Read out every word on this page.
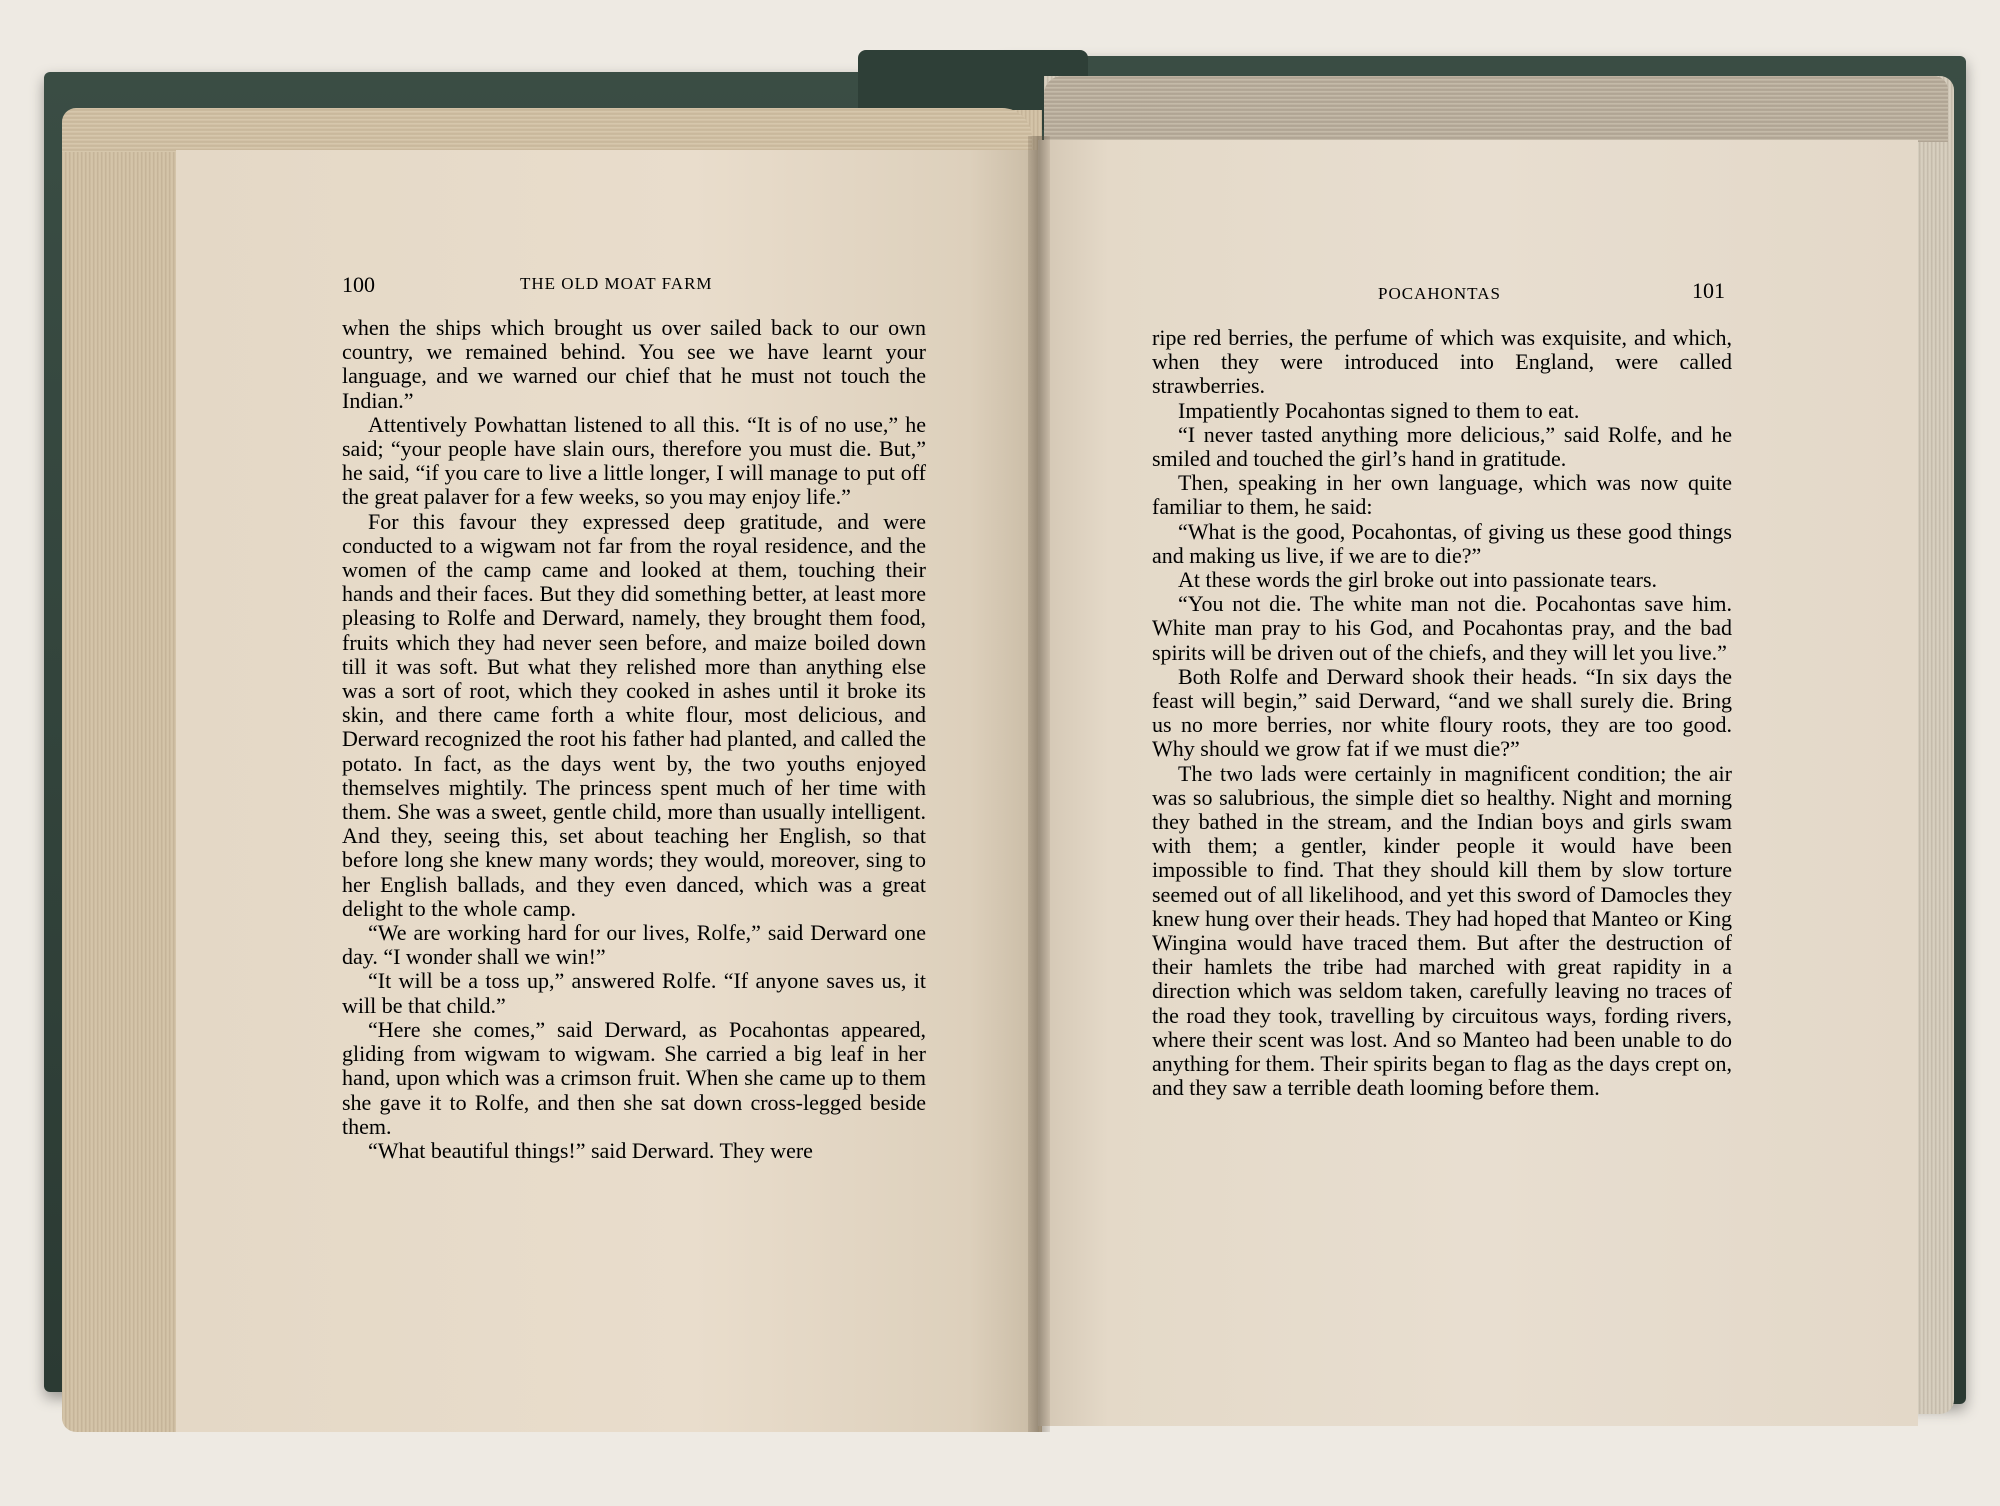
100	THE OLD MOAT FARM
POCAHONTAS	101

when the ships which brought us over sailed back to our own country, we remained behind. You see we have learnt your language, and we warned our chief that he must not touch the Indian.”

Attentively Powhattan listened to all this. “It is of no use,” he said; “your people have slain ours, therefore you must die. But,” he said, “if you care to live a little longer, I will manage to put off the great palaver for a few weeks, so you may enjoy life.”

For this favour they expressed deep gratitude, and were conducted to a wigwam not far from the royal residence, and the women of the camp came and looked at them, touching their hands and their faces. But they did something better, at least more pleasing to Rolfe and Derward, namely, they brought them food, fruits which they had never seen before, and maize boiled down till it was soft. But what they relished more than anything else was a sort of root, which they cooked in ashes until it broke its skin, and there came forth a white flour, most delicious, and Derward recognized the root his father had planted, and called the potato. In fact, as the days went by, the two youths enjoyed themselves mightily. The princess spent much of her time with them. She was a sweet, gentle child, more than usually intelligent. And they, seeing this, set about teaching her English, so that before long she knew many words; they would, moreover, sing to her English ballads, and they even danced, which was a great delight to the whole camp.

“We are working hard for our lives, Rolfe,” said Derward one day. “I wonder shall we win!”

“It will be a toss up,” answered Rolfe. “If anyone saves us, it will be that child.”

“Here she comes,” said Derward, as Pocahontas appeared, gliding from wigwam to wigwam. She carried a big leaf in her hand, upon which was a crimson fruit. When she came up to them she gave it to Rolfe, and then she sat down cross-legged beside them.

“What beautiful things!” said Derward. They were

ripe red berries, the perfume of which was exquisite, and which, when they were introduced into England, were called strawberries.

Impatiently Pocahontas signed to them to eat.

“I never tasted anything more delicious,” said Rolfe, and he smiled and touched the girl’s hand in gratitude.

Then, speaking in her own language, which was now quite familiar to them, he said:

“What is the good, Pocahontas, of giving us these good things and making us live, if we are to die?”

At these words the girl broke out into passionate tears.

“You not die. The white man not die. Pocahontas save him. White man pray to his God, and Pocahontas pray, and the bad spirits will be driven out of the chiefs, and they will let you live.”

Both Rolfe and Derward shook their heads. “In six days the feast will begin,” said Derward, “and we shall surely die. Bring us no more berries, nor white floury roots, they are too good. Why should we grow fat if we must die?”

The two lads were certainly in magnificent condition; the air was so salubrious, the simple diet so healthy. Night and morning they bathed in the stream, and the Indian boys and girls swam with them; a gentler, kinder people it would have been impossible to find. That they should kill them by slow torture seemed out of all likelihood, and yet this sword of Damocles they knew hung over their heads. They had hoped that Manteo or King Wingina would have traced them. But after the destruction of their hamlets the tribe had marched with great rapidity in a direction which was seldom taken, carefully leaving no traces of the road they took, travelling by circuitous ways, fording rivers, where their scent was lost. And so Manteo had been unable to do anything for them. Their spirits began to flag as the days crept on, and they saw a terrible death looming before them.
